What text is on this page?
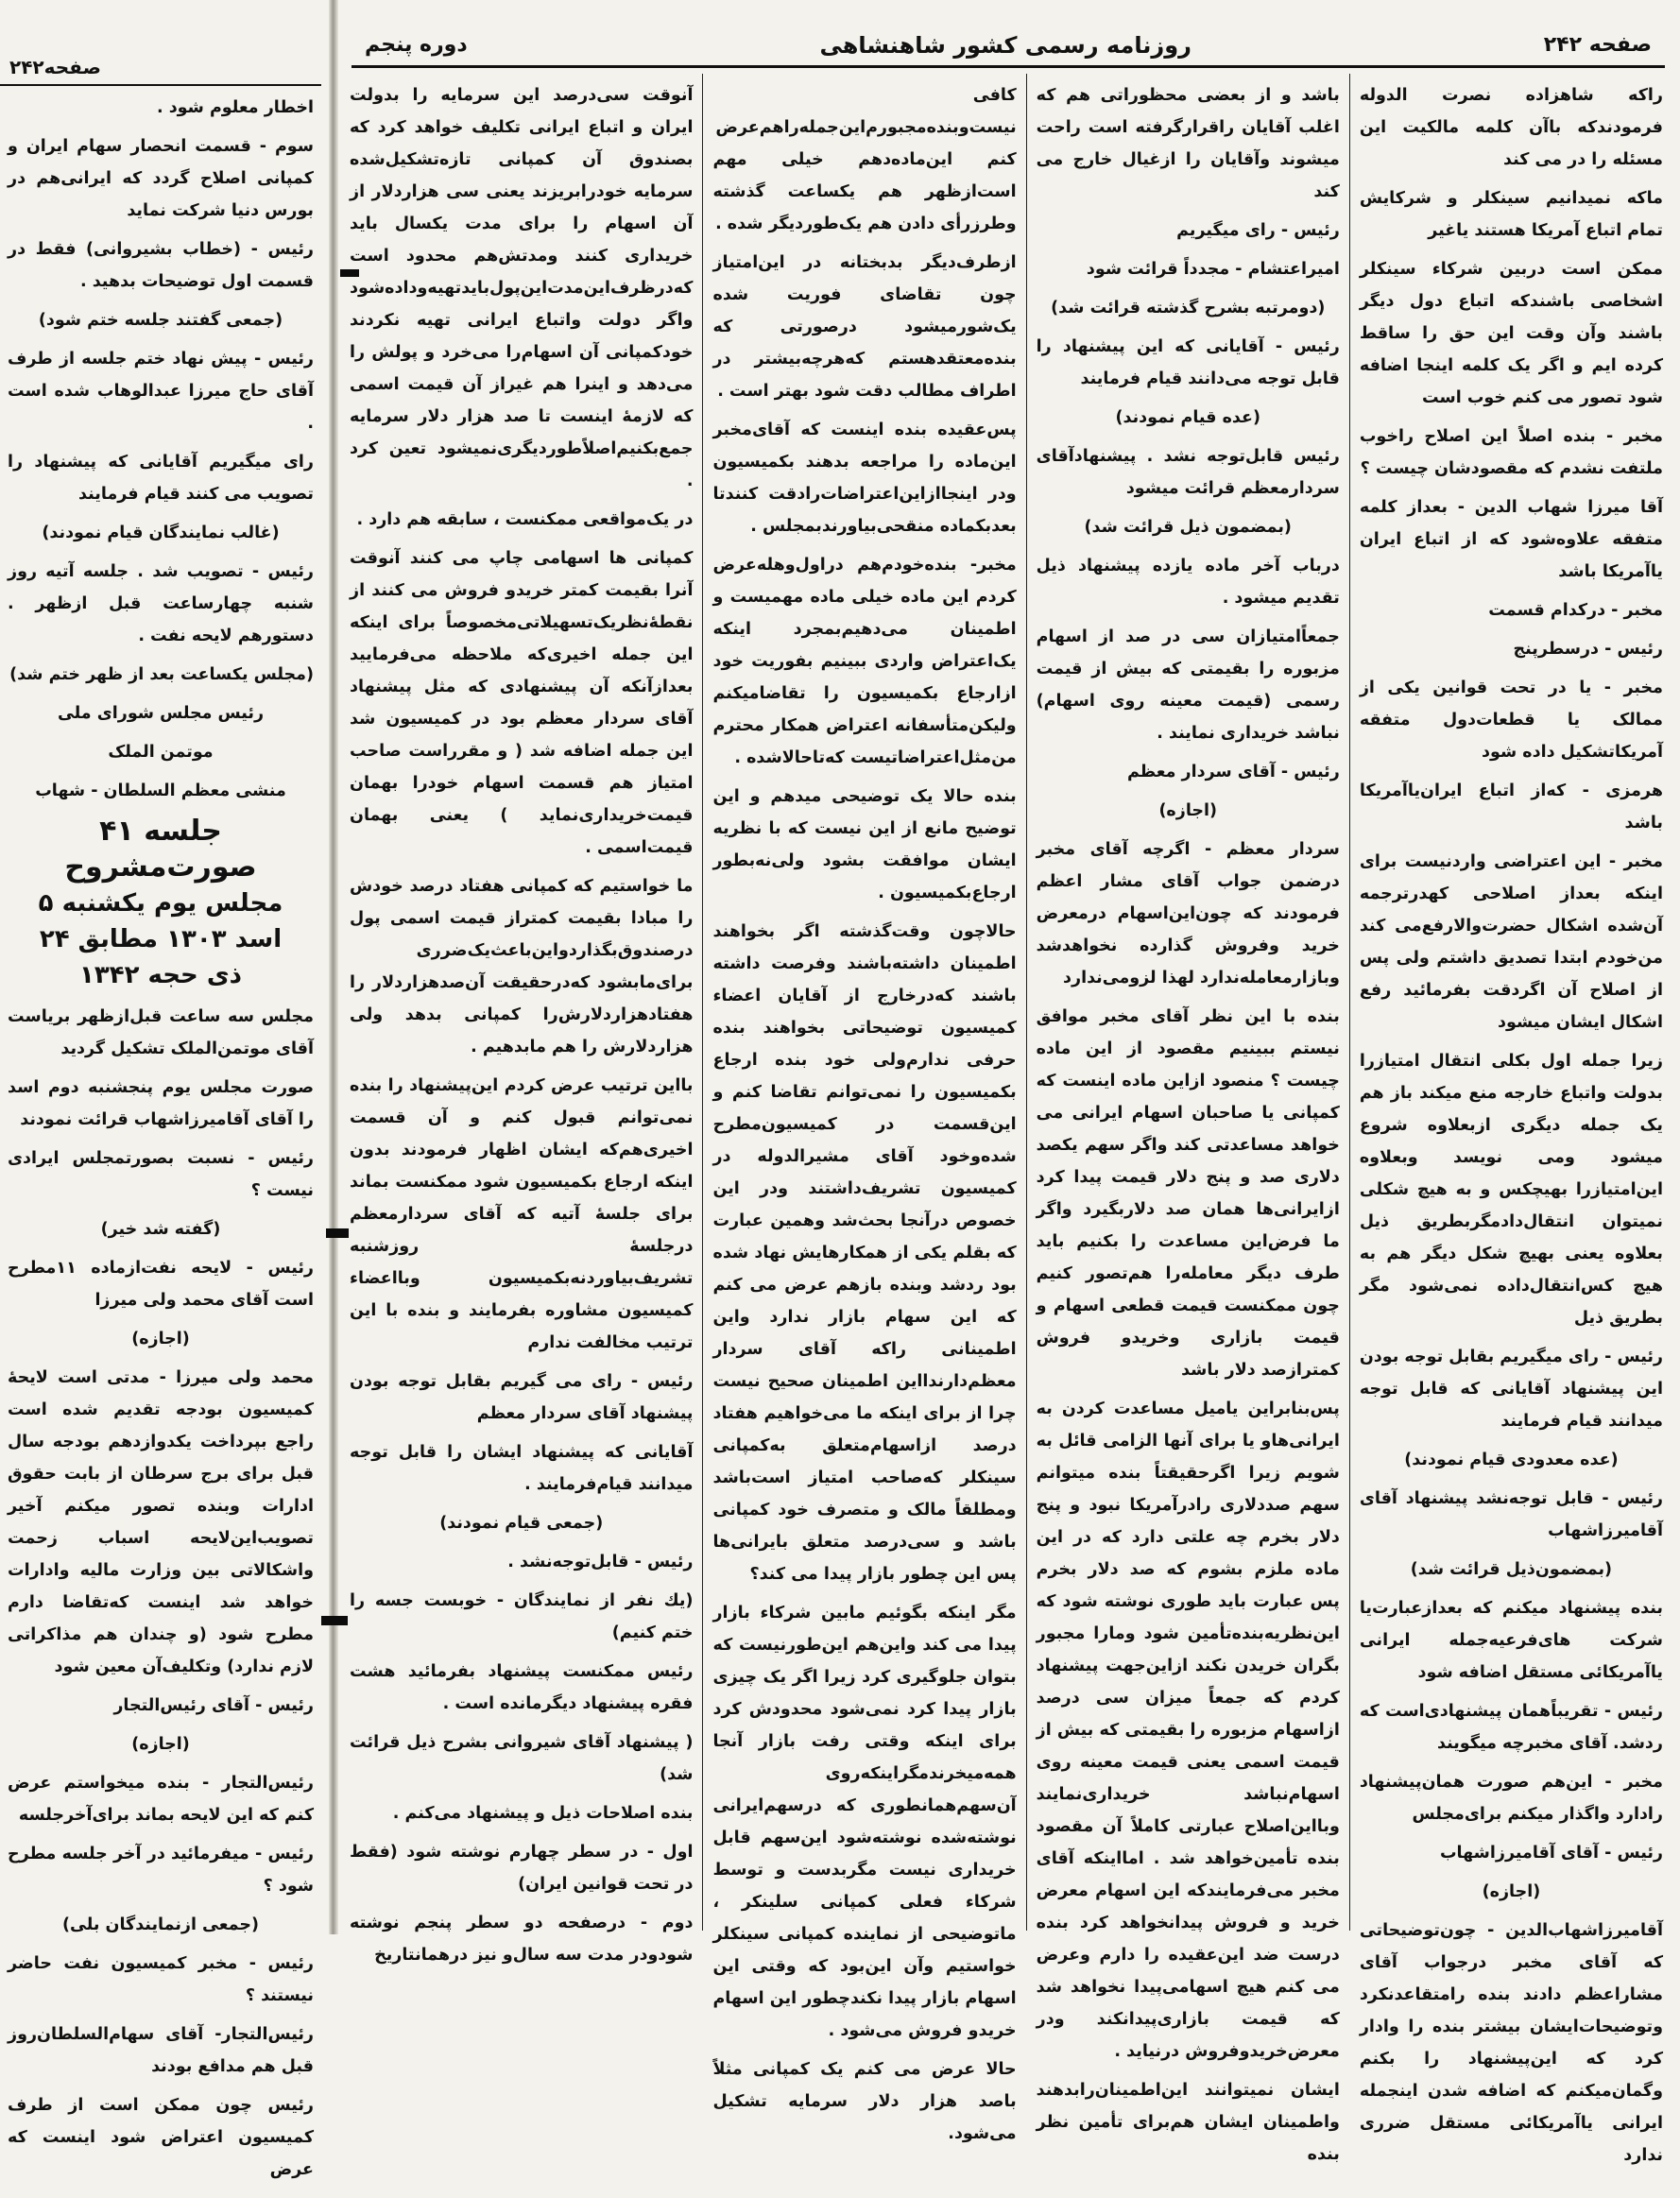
صفحه۲۴۲

اخطار معلوم شود .

سوم - قسمت انحصار سهام ایران و کمپانی اصلاح گردد که ایرانی‌هم در بورس دنیا شرکت نماید

رئیس - (خطاب بشیروانی) فقط در قسمت اول توضیحات بدهید .

(جمعی گفتند جلسه ختم شود)

رئیس - پیش نهاد ختم جلسه از طرف آقای حاج میرزا عبدالوهاب شده است .

رای میگیریم آقایانی که پیشنهاد را تصویب می کنند قیام فرمایند

(غالب نمایندگان قیام نمودند)

رئیس - تصویب شد . جلسه آتیه روز شنبه چهارساعت قبل ازظهر . دستورهم لایحه نفت .

(مجلس یکساعت بعد از ظهر ختم شد)

رئیس مجلس شورای ملی

موتمن الملک

منشی معظم السلطان - شهاب

جلسه ۴۱
صورت‌مشروح
مجلس یوم یکشنبه ۵
اسد ۱۳۰۳ مطابق ۲۴
ذی حجه ۱۳۴۲

مجلس سه ساعت قبل‌ازظهر بریاست آقای موتمن‌الملک تشکیل گردید

صورت مجلس یوم پنجشنبه دوم اسد را آقای آقامیرزاشهاب قرائت نمودند

رئیس - نسبت بصورتمجلس ایرادی نیست ؟

(گفته شد خیر)

رئیس - لایحه نفت‌ازماده ۱۱مطرح است آقای محمد ولی میرزا

(اجازه)

محمد ولی میرزا - مدتی است لایحهٔ کمیسیون بودجه تقدیم شده است راجع بپرداخت یکدوازدهم بودجه سال قبل برای برج سرطان از بابت حقوق ادارات وبنده تصور میکنم آخیر تصویب‌این‌لایحه اسباب زحمت واشکالاتی بین وزارت مالیه وادارات خواهد شد اینست که‌تقاضا دارم مطرح شود (و چندان هم مذاکراتی لازم ندارد) وتکلیف‌آن معین شود

رئیس - آقای رئیس‌التجار

(اجازه)

رئیس‌التجار - بنده میخواستم عرض کنم که این لایحه بماند برای‌آخرجلسه

رئیس - میفرمائید در آخر جلسه مطرح شود ؟

(جمعی ازنمایندگان بلی)

رئیس - مخبر کمیسیون نفت حاضر نیستند ؟

رئیس‌التجار- آقای سهام‌السلطان‌روز قبل هم مدافع بودند

رئیس چون ممکن است از طرف کمیسیون اعتراض شود اینست که عرض

صفحه ۲۴۲
روزنامه رسمی کشور شاهنشاهی
دوره پنجم

راکه شاهزاده نصرت الدوله فرمودندکه باآن کلمه مالکیت این مسئله را در می کند

ماکه نمیدانیم سینکلر و شرکایش تمام اتباع آمریکا هستند یاغیر

ممکن است دربین شرکاء سینکلر اشخاصی باشندکه اتباع دول دیگر باشند وآن وقت این حق را ساقط کرده ایم و اگر یک کلمه اینجا اضافه شود تصور می کنم خوب است

مخبر - بنده اصلاً این اصلاح راخوب ملتفت نشدم که مقصودشان چیست ؟

آقا میرزا شهاب الدین - بعداز کلمه متفقه علاوه‌شود که از اتباع ایران یاآمریکا باشد

مخبر - درکدام قسمت

رئیس - درسطرپنج

مخبر - یا در تحت قوانین یکی از ممالک یا قطعات‌دول متفقه آمریکاتشکیل داده شود

هرمزی - که‌از اتباع ایران‌یاآمریکا باشد

مخبر - این اعتراضی واردنیست برای اینکه بعداز اصلاحی کهدرترجمه آن‌شده اشکال حضرت‌والا‌رفع‌می کند من‌خودم ابتدا تصدیق داشتم ولی پس از اصلاح آن اگردقت بفرمائید رفع اشکال ایشان میشود

زیرا جمله اول بکلی انتقال امتیازرا بدولت واتباع خارجه منع میکند باز هم یک جمله دیگری ازبعلاوه شروع میشود ومی نویسد وبعلاوه این‌امتیازرا بهیچکس و به هیچ شکلی نمیتوان انتقال‌دادمگربطریق ذیل بعلاوه یعنی بهیچ شکل دیگر هم به هیچ کس‌انتقال‌داده نمی‌شود مگر بطریق ذیل

رئیس - رای میگیریم بقابل توجه بودن این پیشنهاد آقایانی که قابل توجه میدانند قیام فرمایند

(عده معدودی قیام نمودند)

رئیس - قابل توجه‌نشد پیشنهاد آقای آقامیرزاشهاب

(بمضمون‌ذیل قرائت شد)

بنده پیشنهاد میکنم که بعدازعبارت‌یا شرکت های‌فرعیه‌جمله ایرانی یاآمریکائی مستقل اضافه شود

رئیس - تقریباًهمان پیشنهادی‌است که ردشد. آقای مخبرچه میگویند

مخبر - این‌هم صورت همان‌پیشنهاد رادارد واگذار میکنم برای‌مجلس

رئیس - آقای آقامیرزاشهاب

(اجازه)

آقامیرزاشهاب‌الدین - چون‌توضیحاتی که آقای مخبر درجواب آقای مشاراعظم دادند بنده رامتقاعدنکرد وتوضیحات‌ایشان بیشتر بنده را وادار کرد که این‌پیشنهاد را بکنم وگمان‌میکنم که اضافه شدن اینجمله ایرانی یاآمریکائی مستقل ضرری ندارد

باشد و از بعضی محظوراتی هم که اغلب آقایان راقرارگرفته است راحت میشوند وآقایان را ازغیال خارج‌ می کند

رئیس - رای میگیریم

امیراعتشام - مجدداً قرائت شود

(دومرتبه بشرح گذشته قرائت شد)

رئیس - آقایانی که این پیشنهاد را قابل توجه می‌دانند قیام فرمایند

(عده قیام نمودند)

رئیس قابل‌توجه نشد . پیشنهادآقای سردارمعظم قرائت میشود

(بمضمون ذیل قرائت شد)

درباب آخر ماده یازده پیشنهاد ذیل تقدیم میشود .

جمعاًامتیازان سی در صد از اسهام مزبوره را بقیمتی که بیش از قیمت رسمی (قیمت معینه روی اسهام) نباشد خریداری نمایند .

رئیس - آقای سردار معظم

(اجازه)

سردار معظم - اگرچه آقای مخبر درضمن جواب آقای مشار اعظم فرمودند که چون‌این‌اسهام درمعرض خرید وفروش گذارده نخواهدشد وبازارمعامله‌ندارد لهذا لزومی‌ندارد

بنده با این نظر آقای مخبر موافق نیستم ببینیم مقصود از این ماده چیست ؟ منصود ازاین ماده اینست که کمپانی یا صاحبان اسهام ایرانی می خواهد مساعدتی کند واگر سهم یکصد دلاری صد و پنج دلار قیمت پیدا کرد ازایرانی‌ها همان صد دلاربگیرد واگر ما فرض‌این مساعدت را بکنیم باید طرف دیگر معامله‌را هم‌تصور کنیم چون ممکنست قیمت قطعی اسهام و قیمت بازاری وخریدو فروش کمترازصد دلار باشد

پس‌بنابراین یامیل مساعدت کردن به ایرانی‌هاو یا برای آنها الزامی قائل به شویم زیرا اگرحقیقتاً بنده میتوانم سهم صددلاری رادرآمریکا نبود و پنج دلار بخرم چه علتی دارد که در این ماده ملزم بشوم که صد دلار بخرم پس عبارت باید طوری نوشته شود که این‌نظریه‌بنده‌تأمین شود ومارا مجبور بگران خریدن نکند ازاین‌جهت پیشنهاد کردم که جمعاً میزان سی درصد ازاسهام مزبوره را بقیمتی که بیش از قیمت اسمی یعنی قیمت معینه روی اسهام‌نباشد خریداری‌نمایند وبااین‌اصلاح عبارتی کاملاً آن مقصود بنده تأمین‌خواهد شد . امااینکه آقای مخبر می‌فرمایندکه این اسهام معرض خرید و فروش پیدانخواهد کرد بنده درست ضد این‌عقیده را دارم وعرض می کنم هیچ اسهامی‌پیدا نخواهد شد که قیمت بازاری‌پیدانکند ودر معرض‌خریدوفروش درنیاید .

ایشان نمیتوانند این‌اطمینان‌رابدهند واطمینان ایشان هم‌برای تأمین نظر بنده

کافی نیست‌وبنده‌مجبورم‌این‌جمله‌راهم‌عرض کنم این‌ماده‌دهم خیلی مهم است‌ازظهر هم یکساعت گذشته وطرزرأی دادن هم یک‌طوردیگر شده .

ازطرف‌دیگر بدبختانه در این‌امتیاز چون تقاضای فوریت شده یک‌شور‌میشود درصورتی که بنده‌معتقدهستم که‌هرچه‌بیشتر در اطراف مطالب دقت شود بهتر است .

پس‌عقیده بنده اینست که آقای‌مخبر این‌ماده را مراجعه بدهند بکمیسیون ودر اینجاازاین‌اعتراضات‌رادقت کنندتا بعدبکماده منقحی‌بیاورند‌بمجلس .

مخبر- بنده‌خودم‌هم دراول‌وهله‌عرض کردم این ماده خیلی ماده مهمیست و اطمینان می‌دهیم‌بمجرد اینکه یک‌اعتراض واردی ببینیم بفوریت خود ازارجاع بکمیسیون را تقاضامیکنم ولیکن‌متأسفانه اعتراض همکار محترم من‌مثل‌اعتراضاتیست که‌تاحالاشده .

بنده حالا یک توضیحی میدهم و این توضیح مانع از این نیست که با نظریه ایشان موافقت بشود ولی‌نه‌بطور ارجاع‌بکمیسیون .

حالاچون وقت‌گذشته اگر بخواهند اطمینان داشته‌باشند وفرصت داشته باشند که‌درخارج از آقایان اعضاء کمیسیون توضیحاتی بخواهند بنده حرفی ندارم‌ولی خود بنده ارجاع بکمیسیون را نمی‌توانم تقاضا کنم و این‌قسمت در کمیسیون‌مطرح شده‌وخود آقای مشیرالدوله در کمیسیون تشریف‌داشتند ودر این خصوص درآنجا بحث‌شد وهمین عبارت که بقلم یکی از همکارهایش نهاد شده بود ردشد وبنده بازهم عرض می کنم که این سهام بازار ندارد واین اطمینانی راکه آقای سردار معظم‌دارندااین اطمینان صحیح نیست چرا از برای اینکه ما می‌خواهیم هفتاد درصد ازاسهام‌متعلق به‌کمپانی سینکلر که‌صاحب امتیاز است‌باشد ومطلقاً مالک و متصرف خود کمپانی باشد و سی‌درصد متعلق بایرانی‌ها پس این چطور بازار پیدا می کند؟

مگر اینکه بگوئیم مابین شرکاء بازار پیدا می کند واین‌هم این‌طورنیست که بتوان جلوگیری کرد زیرا اگر یک چیزی بازار پیدا کرد نمی‌شود محدودش کرد برای اینکه وقتی رفت بازار آنجا همه‌میخرند‌مگراینکه‌روی آن‌سهم‌همانطوری که درسهم‌ایرانی نوشته‌شده نوشته‌شود این‌سهم قابل خریداری نیست مگربدست و توسط شرکاء فعلی کمپانی سلینکر ، ماتوضیحی از نماینده کمپانی سینکلر خواستیم وآن این‌بود که وقتی این اسهام بازار پیدا نکند‌چطور این اسهام خریدو فروش می‌شود .

حالا عرض می کنم یک کمپانی مثلاً باصد هزار دلار سرمایه تشکیل می‌شود.

آنوقت سی‌درصد این سرمایه را بدولت ایران و اتباع ایرانی تکلیف خواهد کرد که بصندوق آن کمپانی تازه‌تشکیل‌شده سرمایه خودرا‌بریزند یعنی سی هزاردلار از آن اسهام را برای مدت یکسال باید خریداری کنند ومدتش‌هم محدود است که‌درظرف‌این‌مدت‌این‌پول‌باید‌تهیه‌وداده‌شود واگر دولت واتباع ایرانی تهیه نکردند خودکمپانی آن اسهام‌را می‌خرد و پولش را می‌دهد و اینرا هم غیراز آن قیمت اسمی که لازمهٔ اینست تا صد هزار دلار سرمایه جمع‌بکنیم‌اصلاًطوردیگری‌نمیشود تعین کرد .

در یک‌مواقعی ممکنست ، سابقه هم دارد .

کمپانی ها اسهامی چاپ می کنند آنوقت آنرا بقیمت کمتر خریدو فروش می کنند از نقطهٔ‌نظر‌یک‌تسهیلاتی‌مخصوصاً برای اینکه این جمله اخیری‌که ملاحظه می‌فرمایید بعدازآنکه آن پیشنهادی که مثل پیشنهاد آقای سردار معظم بود در کمیسیون شد این جمله اضافه شد ( و مقرراست صاحب امتیاز هم قسمت اسهام خودرا بهمان قیمت‌خریداری‌نماید ) یعنی بهمان قیمت‌اسمی .

ما خواستیم که کمپانی هفتاد درصد خودش را مبادا بقیمت کمتراز قیمت اسمی پول درصندوق‌بگذاردواین‌باعث‌یک‌ضرری برای‌مابشود که‌درحقیقت آن‌صدهزاردلار را هفتادهزاردلارش‌را کمپانی بدهد ولی هزاردلارش را هم مابدهیم .

بااین ترتیب عرض کردم این‌پیشنهاد را بنده نمی‌توانم قبول کنم و آن قسمت اخیری‌هم‌که ایشان اظهار فرمودند بدون اینکه ارجاع بکمیسیون شود ممکنست بماند برای جلسهٔ آتیه که آقای سردارمعظم درجلسهٔ روزشنبه تشریف‌بیاوردنه‌بکمیسیون وبااعضاء کمیسیون مشاوره بفرمایند و بنده با این ترتیب مخالفت ندارم

رئیس - رای می گیریم بقابل توجه بودن پیشنهاد آقای سردار معظم

آقایانی که پیشنهاد ایشان را قابل توجه میدانند قیام‌فرمایند .

(جمعی قیام نمودند)

رئیس - قابل‌توجه‌نشد .

(یك نفر از نمایندگان - خوبست جسه را ختم کنیم)

رئیس ممکنست پیشنهاد بفرمائید هشت فقره پیشنهاد دیگرمانده است .

( پیشنهاد آقای شیروانی بشرح ذیل قرائت شد)

بنده اصلاحات ذیل و پیشنهاد می‌کنم .

اول - در سطر چهارم نوشته شود (فقط در تحت قوانین ایران)

دوم - درصفحه دو سطر پنجم نوشته شودودر مدت سه سال‌و نیز درهمانتاریخ
